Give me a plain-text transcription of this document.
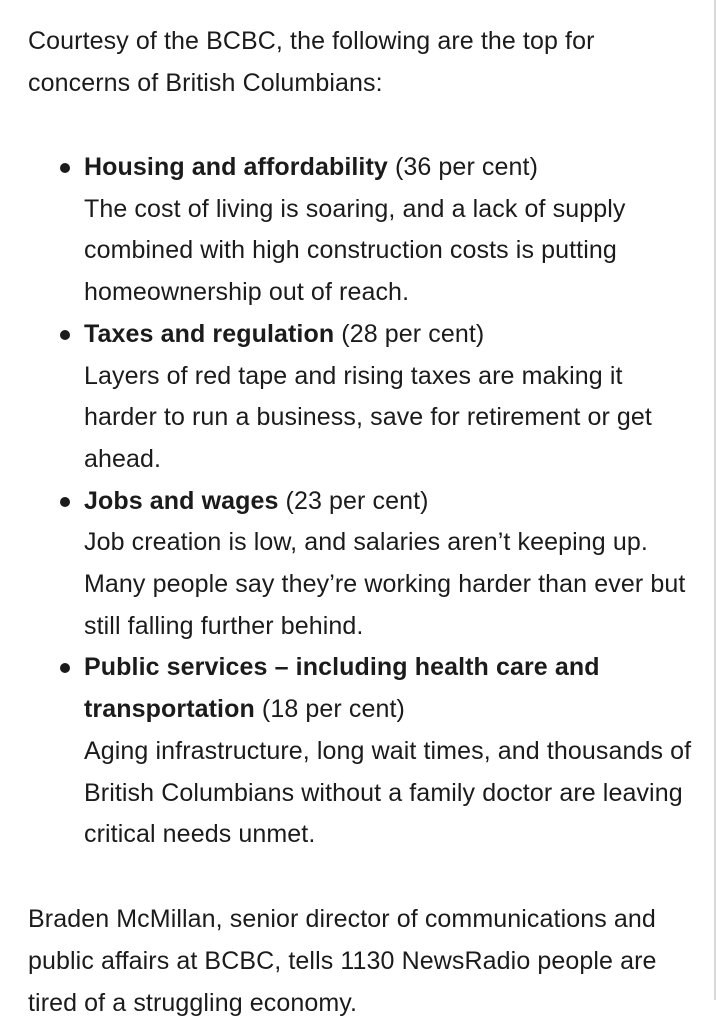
Courtesy of the BCBC, the following are the top for concerns of British Columbians:

Housing and affordability (36 per cent)
The cost of living is soaring, and a lack of supply combined with high construction costs is putting homeownership out of reach.
Taxes and regulation (28 per cent)
Layers of red tape and rising taxes are making it harder to run a business, save for retirement or get ahead.
Jobs and wages (23 per cent)
Job creation is low, and salaries aren’t keeping up. Many people say they’re working harder than ever but still falling further behind.
Public services – including health care and transportation (18 per cent)
Aging infrastructure, long wait times, and thousands of British Columbians without a family doctor are leaving critical needs unmet.

Braden McMillan, senior director of communications and public affairs at BCBC, tells 1130 NewsRadio people are tired of a struggling economy.
